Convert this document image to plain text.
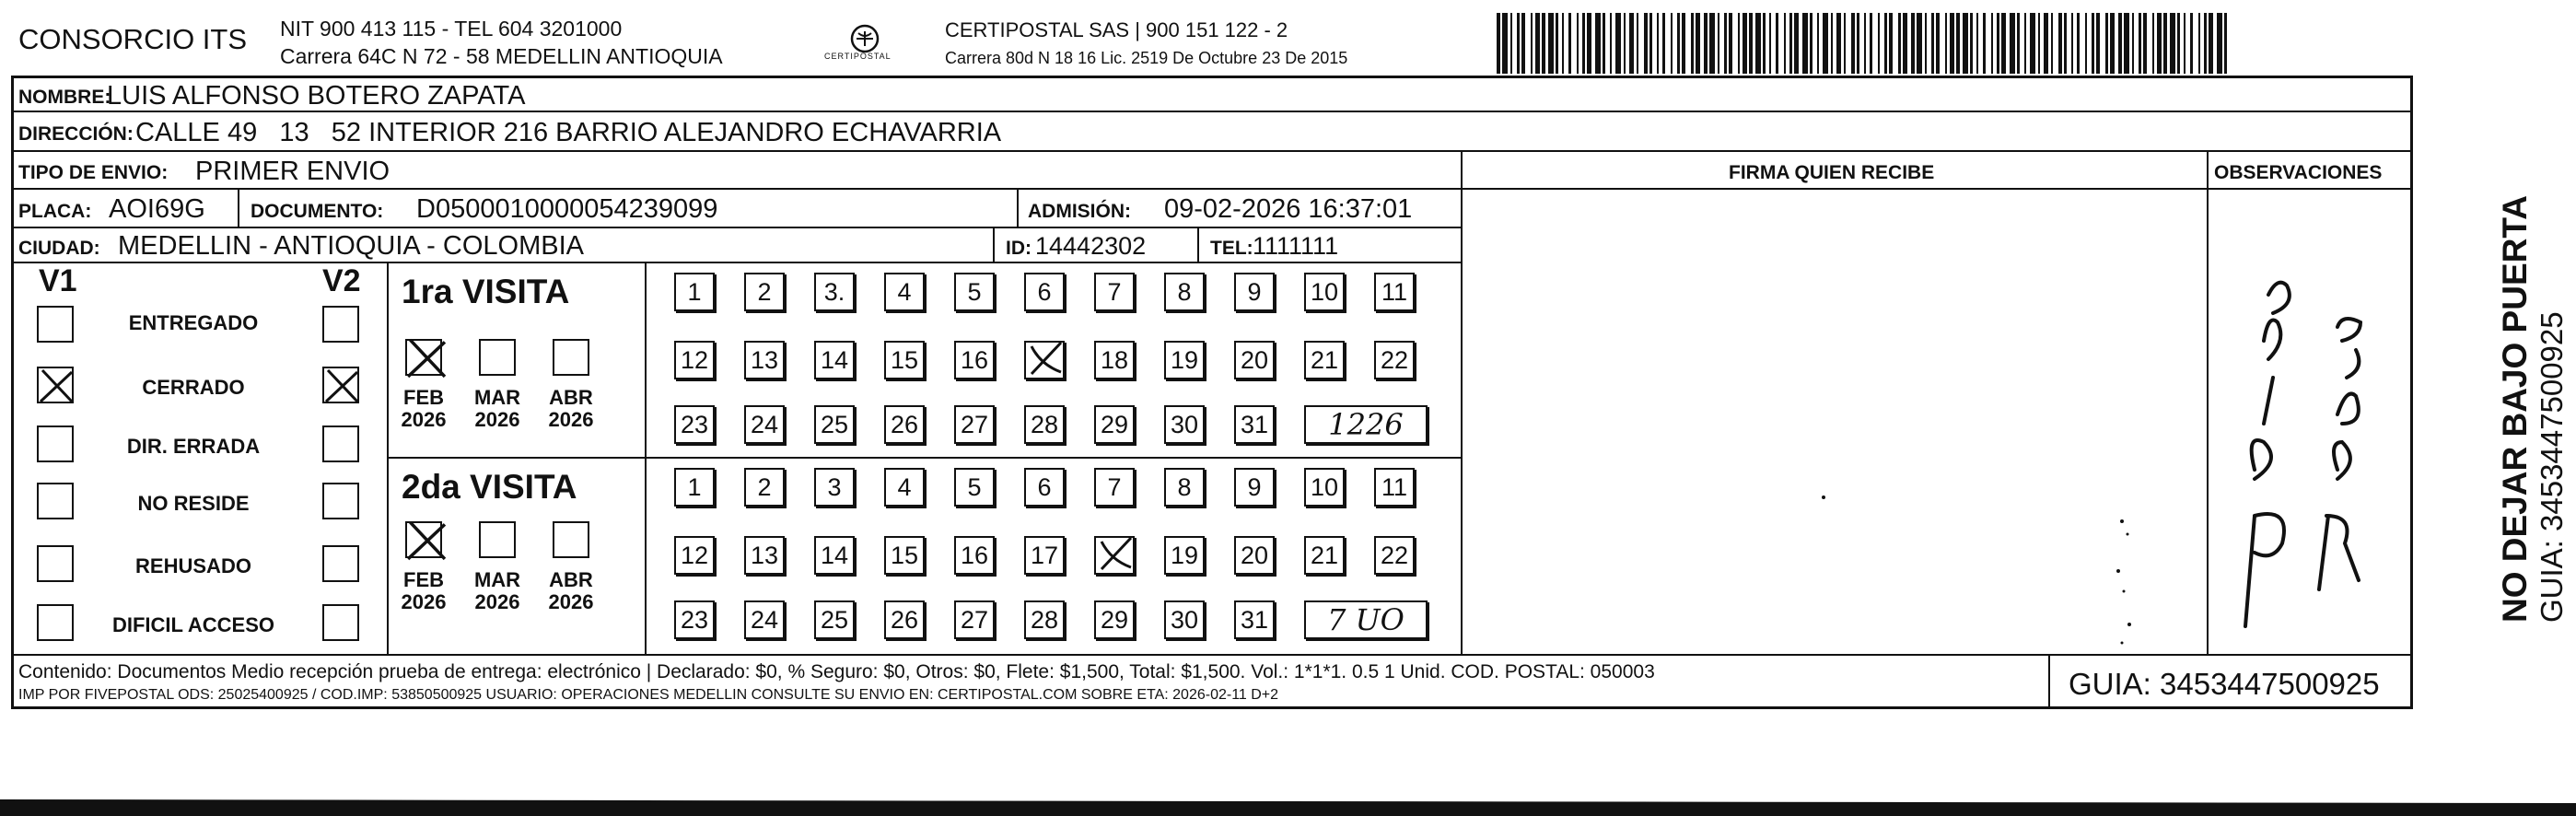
CONSORCIO ITS NIT 900 413 115 - TEL 604 3201000
Carrera 64C N 72 - 58 MEDELLIN ANTIOQUIA	CERTIPOSTAL
CERTIPOSTAL SAS | 900 151 122 - 2
Carrera 80d N 18 16 Lic. 2519 De Octubre 23 De 2015
NOMBRE:
LUIS ALFONSO BOTERO ZAPATA
DIRECCIÓN: CALLE 49   13   52 INTERIOR 216 BARRIO ALEJANDRO ECHAVARRIA
TIPO DE ENVIO: PRIMER ENVIO	FIRMA QUIEN RECIBE	OBSERVACIONES
PLACA: AOI69G DOCUMENTO: D0500010000054239099	ADMISIÓN: 09-02-2026 16:37:01
CIUDAD: MEDELLIN - ANTIOQUIA - COLOMBIA	ID: 14442302	TEL: 1111111
V1	V2
ENTREGADO
CERRADO
DIR. ERRADA
NO RESIDE
REHUSADO
DIFICIL ACCESO
1ra VISITA
2da VISITA
FEB
2026
MAR
2026
ABR
2026
FEB
2026
MAR
2026
ABR
2026
1	2	3.	4	5	6	7	8	9	10 11
12 13 14 15 16	18 19 20 21 22
23 24 25 26 27 28 29 30 31	1226
1	2	3	4	5	6	7	8	9	10 11
12 13 14 15 16 17	19 20 21 22
23 24 25 26 27 28 29 30 31	7 UO
Contenido: Documentos Medio recepción prueba de entrega: electrónico | Declarado: $0, % Seguro: $0, Otros: $0, Flete: $1,500, Total: $1,500. Vol.: 1*1*1. 0.5 1 Unid. COD. POSTAL: 050003
IMP POR FIVEPOSTAL ODS: 25025400925 / COD.IMP: 53850500925 USUARIO: OPERACIONES MEDELLIN CONSULTE SU ENVIO EN: CERTIPOSTAL.COM SOBRE ETA: 2026-02-11 D+2	GUIA: 3453447500925
NO DEJAR BAJO PUERTA GUIA: 3453447500925
